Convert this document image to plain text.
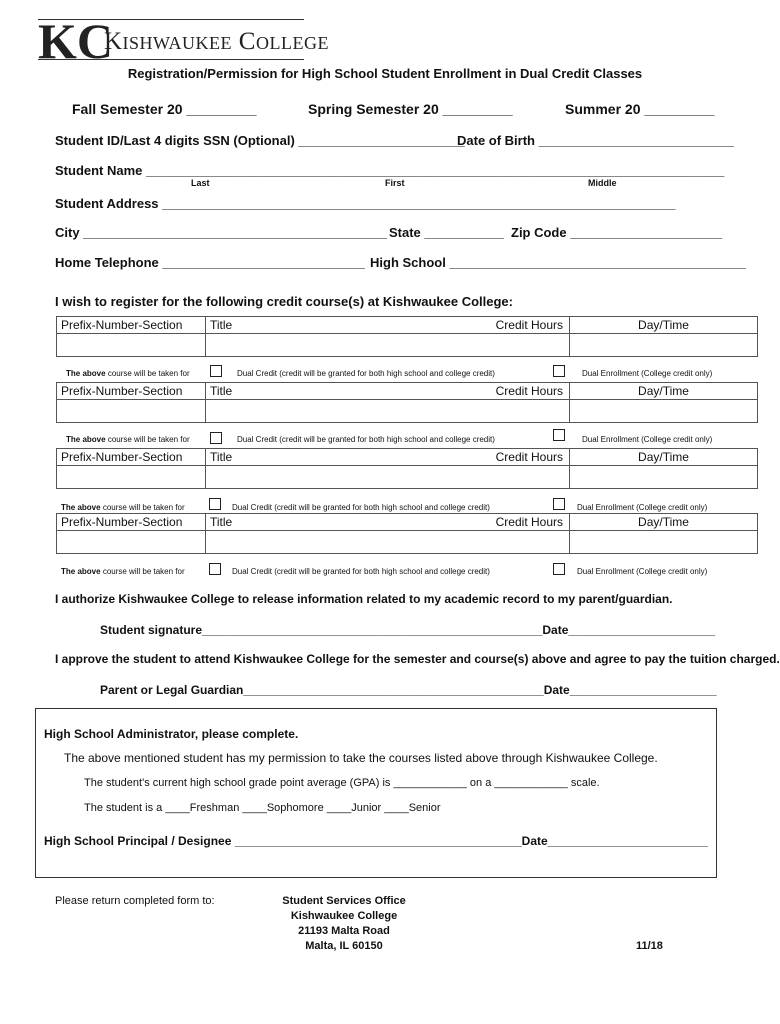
KC
Kishwaukee College
Registration/Permission for High School Student Enrollment in Dual Credit Classes
Fall Semester 20 _________	Spring Semester 20 _________	Summer 20 _________
Student ID/Last 4 digits SSN (Optional) _______________________
Date of Birth ___________________________
Student Name ________________________________________________________________________________
Last	First	Middle
Student Address _______________________________________________________________________
City __________________________________________ State ___________ Zip Code _____________________
Home Telephone ____________________________ High School _________________________________________
I wish to register for the following credit course(s) at Kishwaukee College:
Prefix-Number-Section	Title Credit Hours	Day/Time

The above course will be taken for	Dual Credit (credit will be granted for both high school and college credit)	Dual Enrollment (College credit only)
Prefix-Number-Section	Title Credit Hours	Day/Time

The above course will be taken for	Dual Credit (credit will be granted for both high school and college credit)	Dual Enrollment (College credit only)
Prefix-Number-Section	Title Credit Hours	Day/Time

The above course will be taken for	Dual Credit (credit will be granted for both high school and college credit)	Dual Enrollment (College credit only)
Prefix-Number-Section	Title Credit Hours	Day/Time

The above course will be taken for	Dual Credit (credit will be granted for both high school and college credit)	Dual Enrollment (College credit only)
I authorize Kishwaukee College to release information related to my academic record to my parent/guardian.
Student signature___________________________________________________Date______________________
I approve the student to attend Kishwaukee College for the semester and course(s) above and agree to pay the tuition charged.
Parent or Legal Guardian_____________________________________________Date______________________
High School Administrator, please complete.
The above mentioned student has my permission to take the courses listed above through Kishwaukee College.
The student's current high school grade point average (GPA) is ____________ on a ____________ scale.
The student is a ____Freshman ____Sophomore ____Junior ____Senior
High School Principal / Designee ___________________________________________Date________________________
Please return completed form to:	Student Services Office
Kishwaukee College
21193 Malta Road
Malta, IL 60150	11/18
